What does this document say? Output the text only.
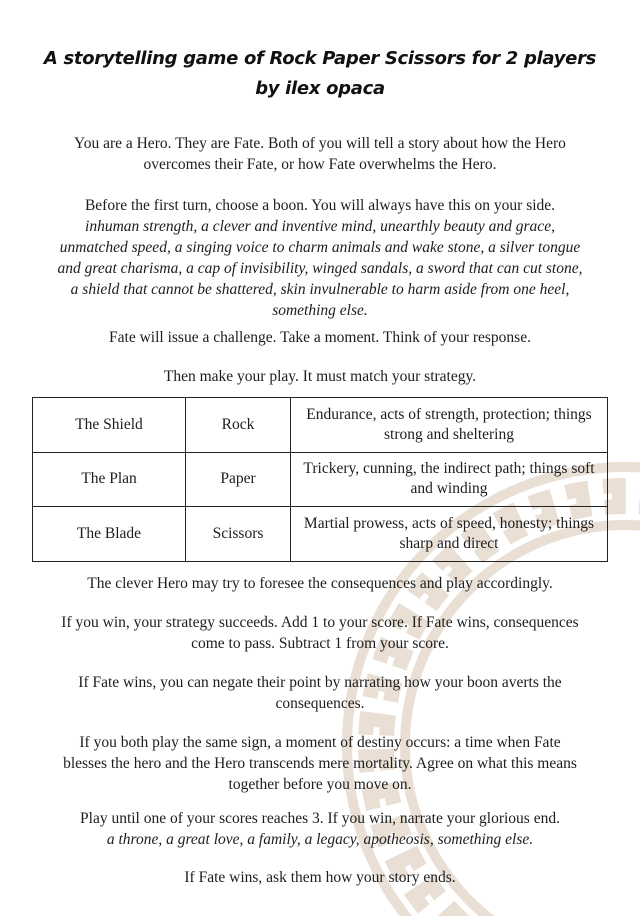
A storytelling game of Rock Paper Scissors for 2 players
by ilex opaca

You are a Hero. They are Fate. Both of you will tell a story about how the Hero
overcomes their Fate, or how Fate overwhelms the Hero.

Before the first turn, choose a boon. You will always have this on your side.
inhuman strength, a clever and inventive mind, unearthly beauty and grace,
unmatched speed, a singing voice to charm animals and wake stone, a silver tongue
and great charisma, a cap of invisibility, winged sandals, a sword that can cut stone,
a shield that cannot be shattered, skin invulnerable to harm aside from one heel,
something else.

Fate will issue a challenge. Take a moment. Think of your response.

Then make your play. It must match your strategy.

The Shield	Rock	Endurance, acts of strength, protection; things
strong and sheltering

The Plan	Paper	Trickery, cunning, the indirect path; things soft
and winding

The Blade	Scissors	Martial prowess, acts of speed, honesty; things
sharp and direct

The clever Hero may try to foresee the consequences and play accordingly.

If you win, your strategy succeeds. Add 1 to your score. If Fate wins, consequences
come to pass. Subtract 1 from your score.

If Fate wins, you can negate their point by narrating how your boon averts the
consequences.

If you both play the same sign, a moment of destiny occurs: a time when Fate
blesses the hero and the Hero transcends mere mortality. Agree on what this means
together before you move on.

Play until one of your scores reaches 3. If you win, narrate your glorious end.
a throne, a great love, a family, a legacy, apotheosis, something else.

If Fate wins, ask them how your story ends.
